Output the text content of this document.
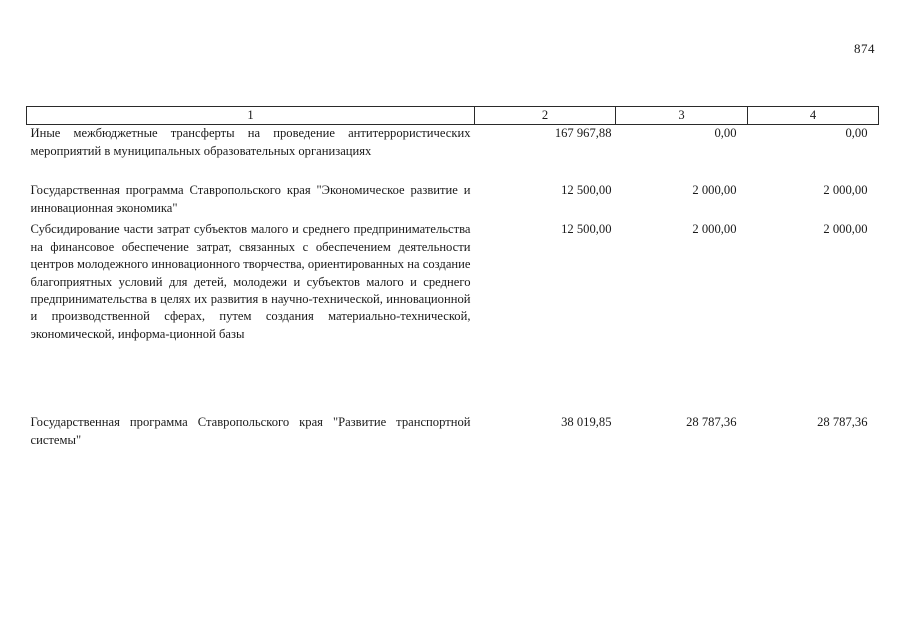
874
1	2	3	4
Иные межбюджетные трансферты на проведение антитеррористических мероприятий в муниципальных образовательных организациях	167 967,88	0,00	0,00
Государственная программа Ставропольского края "Экономическое развитие и инновационная экономика"	12 500,00	2 000,00	2 000,00
Субсидирование части затрат субъектов малого и среднего предпринимательства на финансовое обеспечение затрат, связанных с обеспечением деятельности центров молодежного инновационного творчества, ориентированных на создание благоприятных условий для детей, молодежи и субъектов малого и среднего предпринимательства в целях их развития в научно-технической, инновационной и производственной сферах, путем создания материально-технической, экономической, информа-ционной базы	12 500,00	2 000,00	2 000,00
Государственная программа Ставропольского края "Развитие транспортной системы"	38 019,85	28 787,36	28 787,36
